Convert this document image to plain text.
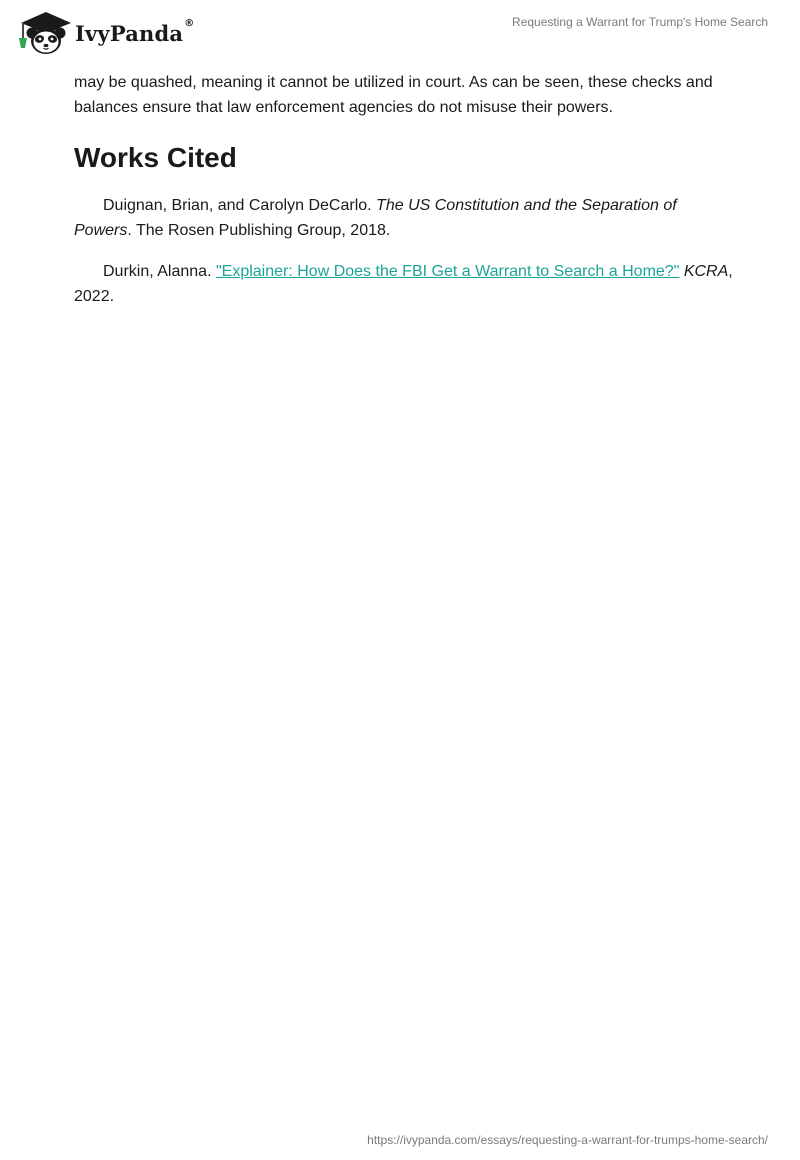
IvyPanda®	Requesting a Warrant for Trump's Home Search

may be quashed, meaning it cannot be utilized in court. As can be seen, these checks and balances ensure that law enforcement agencies do not misuse their powers.

Works Cited

Duignan, Brian, and Carolyn DeCarlo. The US Constitution and the Separation of Powers. The Rosen Publishing Group, 2018.

Durkin, Alanna. "Explainer: How Does the FBI Get a Warrant to Search a Home?" KCRA, 2022.

https://ivypanda.com/essays/requesting-a-warrant-for-trumps-home-search/
